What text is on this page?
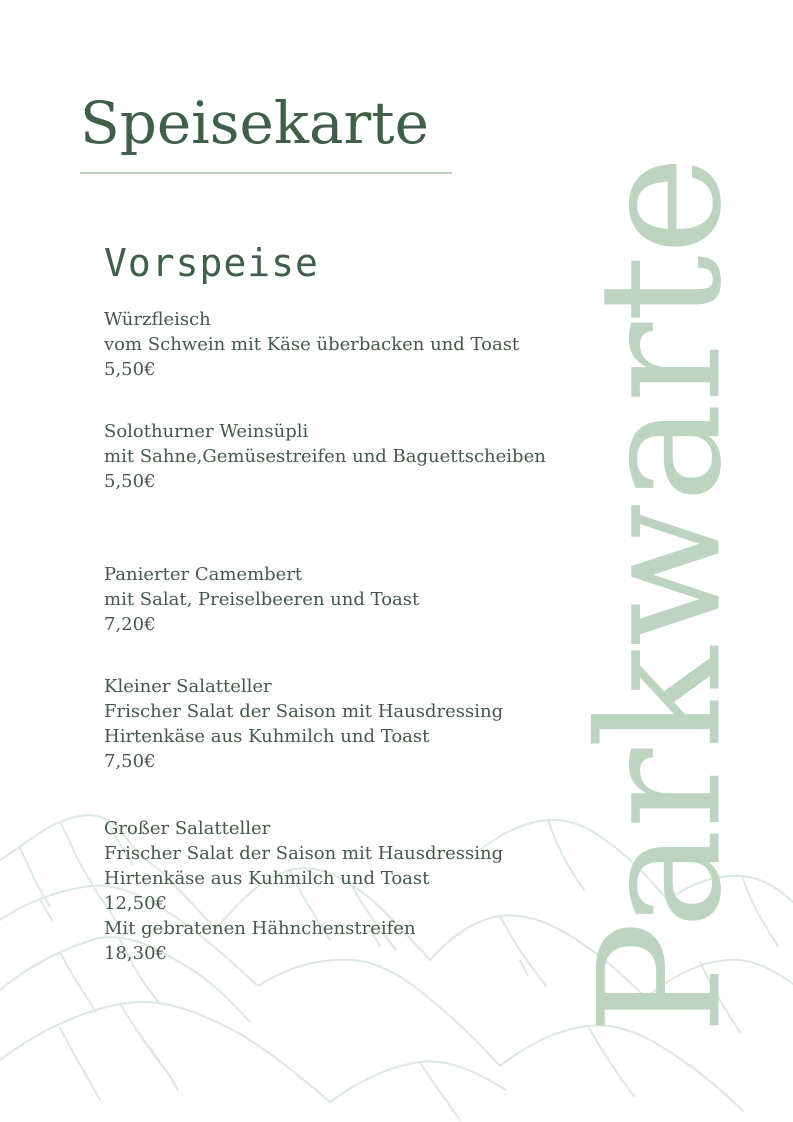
Speisekarte
Vorspeise
Würzfleisch
vom Schwein mit Käse überbacken und Toast
5,50€
Solothurner Weinsüpli
mit Sahne,Gemüsestreifen und Baguettscheiben
5,50€
Panierter Camembert
mit Salat, Preiselbeeren und Toast
7,20€
Kleiner Salatteller
Frischer Salat der Saison mit Hausdressing
Hirtenkäse aus Kuhmilch und Toast
7,50€
Großer Salatteller
Frischer Salat der Saison mit Hausdressing
Hirtenkäse aus Kuhmilch und Toast
12,50€
Mit gebratenen Hähnchenstreifen
18,30€	Parkwarte
